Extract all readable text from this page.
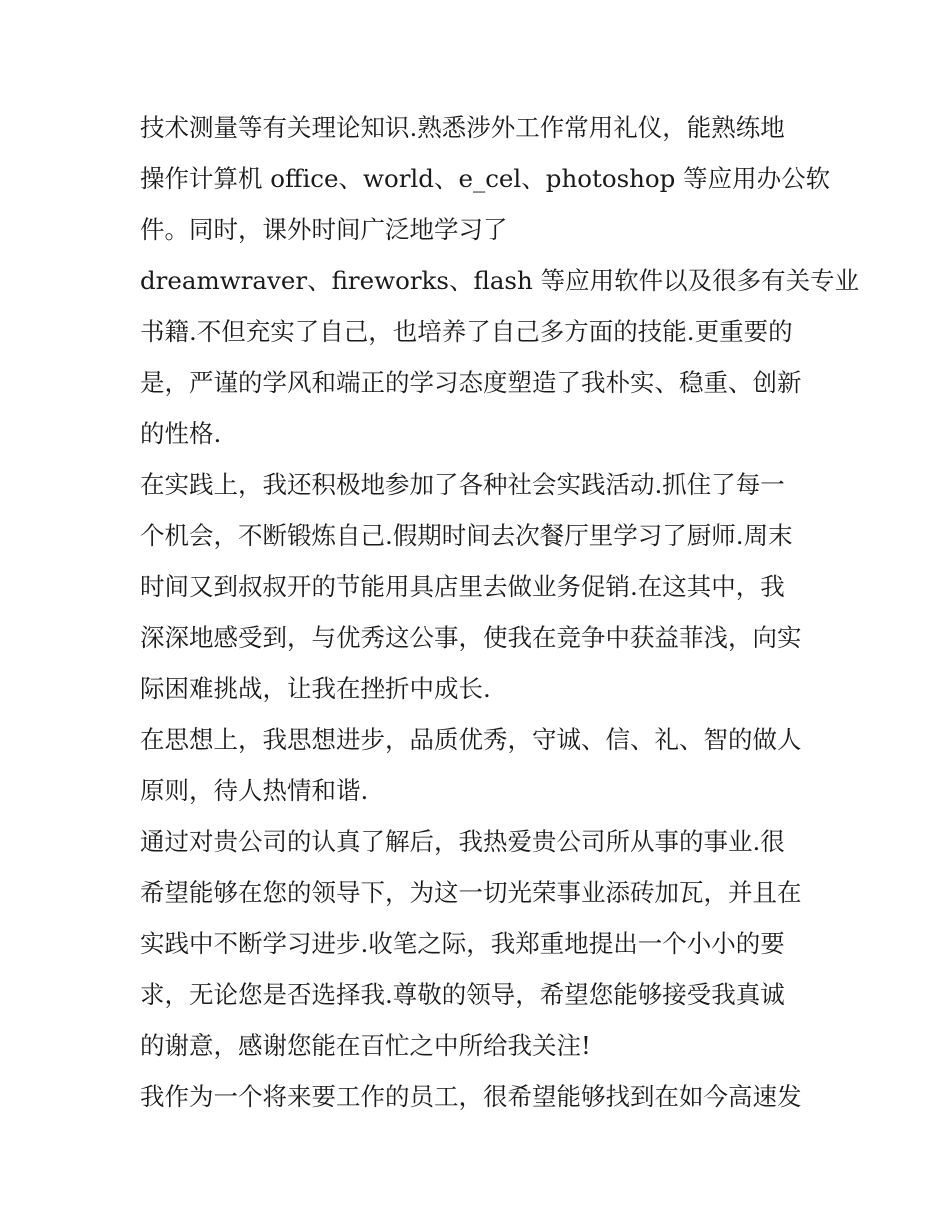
技术测量等有关理论知识.熟悉涉外工作常用礼仪，能熟练地
操作计算机 office、world、e_cel、photoshop 等应用办公软
件。同时，课外时间广泛地学习了
dreamwraver、fireworks、flash 等应用软件以及很多有关专业
书籍.不但充实了自己，也培养了自己多方面的技能.更重要的
是，严谨的学风和端正的学习态度塑造了我朴实、稳重、创新
的性格.
在实践上，我还积极地参加了各种社会实践活动.抓住了每一
个机会，不断锻炼自己.假期时间去次餐厅里学习了厨师.周末
时间又到叔叔开的节能用具店里去做业务促销.在这其中，我
深深地感受到，与优秀这公事，使我在竞争中获益菲浅，向实
际困难挑战，让我在挫折中成长.
在思想上，我思想进步，品质优秀，守诚、信、礼、智的做人
原则，待人热情和谐.
通过对贵公司的认真了解后，我热爱贵公司所从事的事业.很
希望能够在您的领导下，为这一切光荣事业添砖加瓦，并且在
实践中不断学习进步.收笔之际，我郑重地提出一个小小的要
求，无论您是否选择我.尊敬的领导，希望您能够接受我真诚
的谢意，感谢您能在百忙之中所给我关注!
我作为一个将来要工作的员工，很希望能够找到在如今高速发
